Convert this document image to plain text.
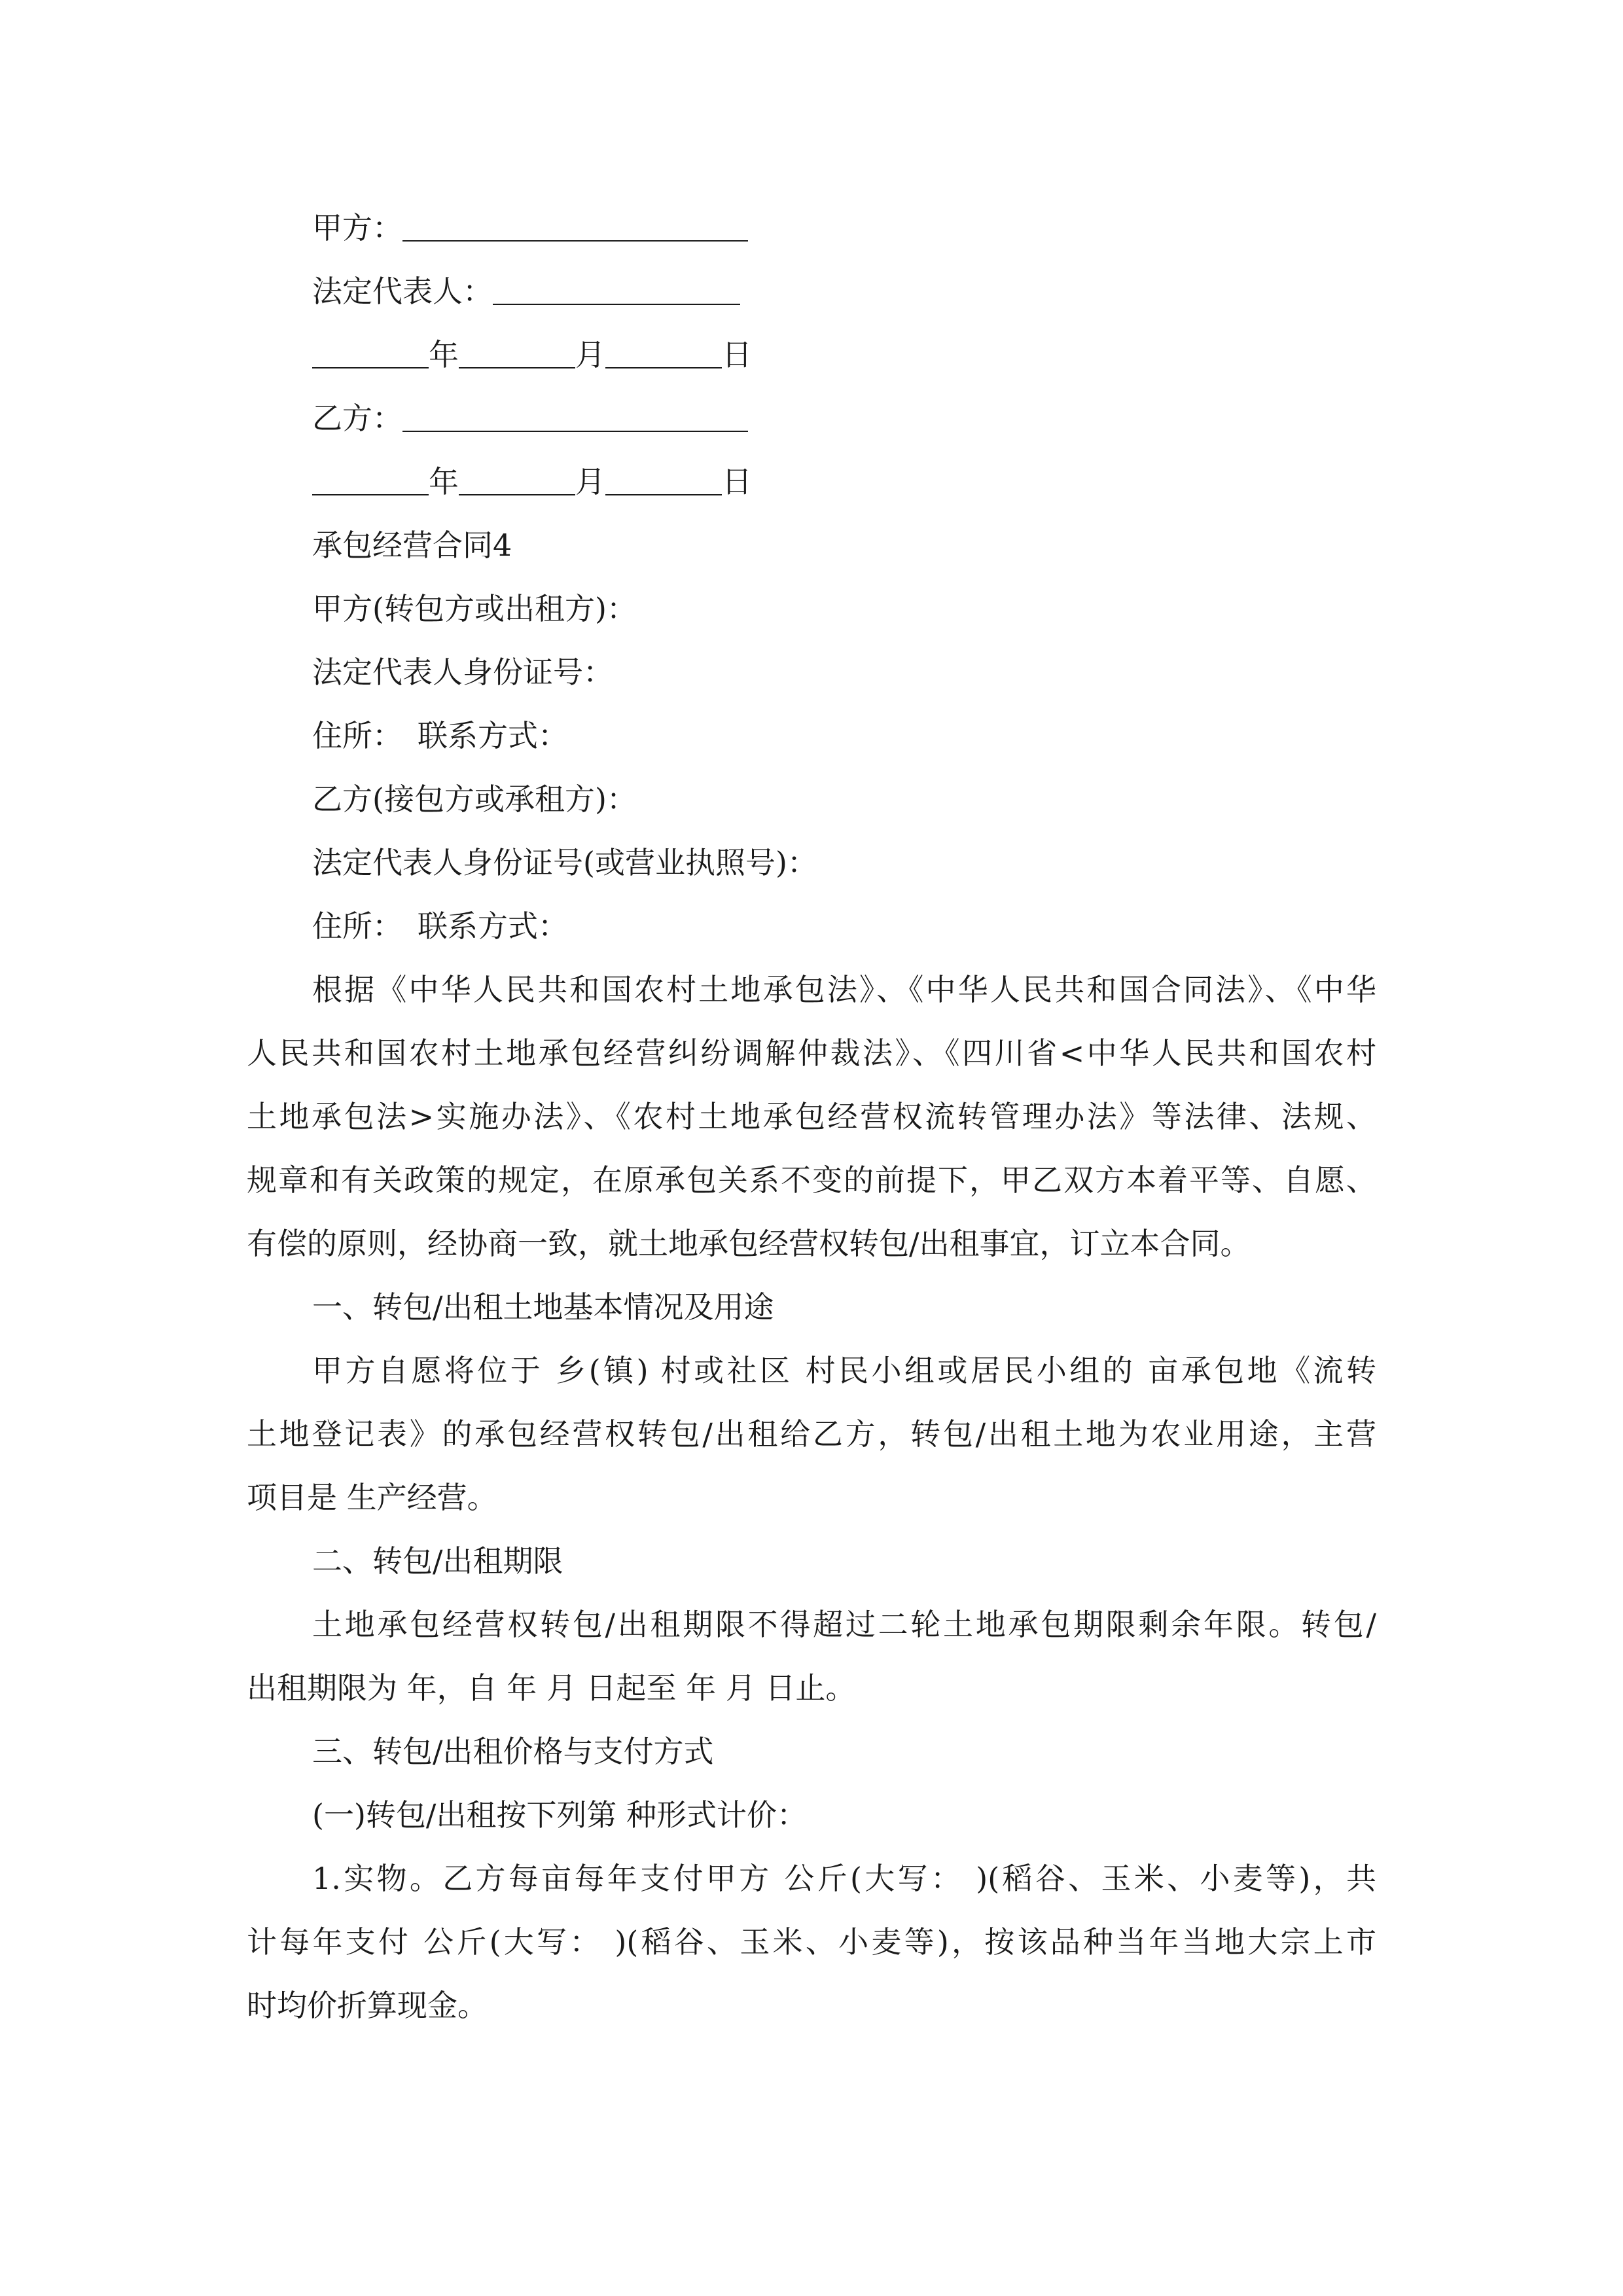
甲方：
法定代表人：
年	月	日
乙方：
年	月	日
承包经营合同4
甲方(转包方或出租方)：
法定代表人身份证号：
住所：　联系方式：
乙方(接包方或承租方)：
法定代表人身份证号(或营业执照号)：
住所：　联系方式：
根据《中华人民共和国农村土地承包法》、《中华人民共和国合同法》、《中华
人民共和国农村土地承包经营纠纷调解仲裁法》、《四川省<中华人民共和国农村
土地承包法>实施办法》、《农村土地承包经营权流转管理办法》等法律、法规、
规章和有关政策的规定，在原承包关系不变的前提下，甲乙双方本着平等、自愿、
有偿的原则，经协商一致，就土地承包经营权转包/出租事宜，订立本合同。
一、转包/出租土地基本情况及用途
甲方自愿将位于 乡(镇) 村或社区 村民小组或居民小组的 亩承包地《流转
土地登记表》的承包经营权转包/出租给乙方，转包/出租土地为农业用途，主营
项目是 生产经营。
二、转包/出租期限
土地承包经营权转包/出租期限不得超过二轮土地承包期限剩余年限。转包/
出租期限为 年，自 年 月 日起至 年 月 日止。
三、转包/出租价格与支付方式
(一)转包/出租按下列第 种形式计价：
1.实物。乙方每亩每年支付甲方 公斤(大写： )(稻谷、玉米、小麦等)，共
计每年支付 公斤(大写： )(稻谷、玉米、小麦等)，按该品种当年当地大宗上市
时均价折算现金。
